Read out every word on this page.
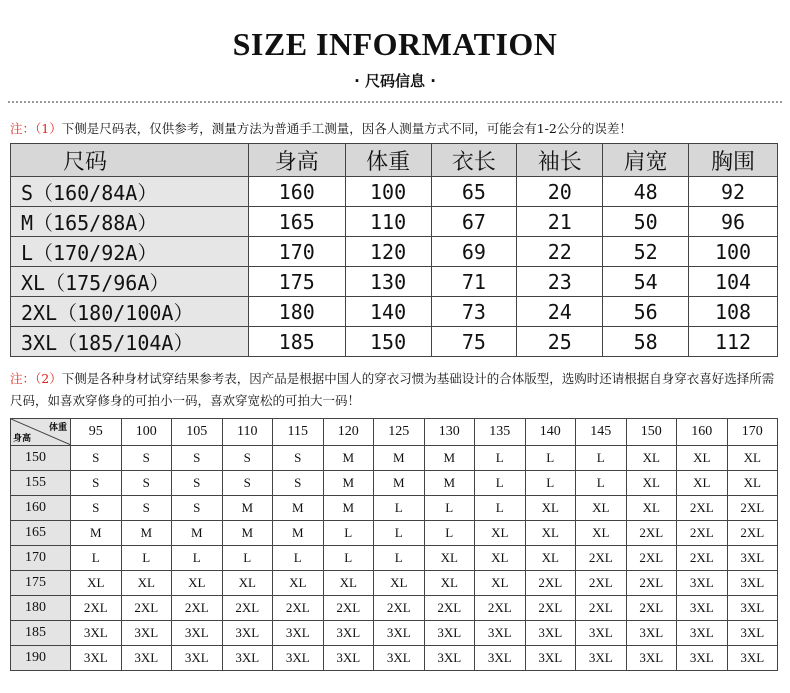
SIZE INFORMATION
· 尺码信息 ·
注：（1）下侧是尺码表，仅供参考，测量方法为普通手工测量，因各人测量方式不同，可能会有1-2公分的误差！
尺码	身高	体重	衣长	袖长	肩宽	胸围
S（160/84A）	160	100	65	20	48	92
M（165/88A）	165	110	67	21	50	96
L（170/92A）	170	120	69	22	52	100
XL（175/96A）	175	130	71	23	54	104
2XL（180/100A）	180	140	73	24	56	108
3XL（185/104A）	185	150	75	25	58	112
注：（2）下侧是各种身材试穿结果参考表，因产品是根据中国人的穿衣习惯为基础设计的合体版型，选购时还请根据自身穿衣喜好选择所需尺码，如喜欢穿修身的可拍小一码，喜欢穿宽松的可拍大一码！
体重
身高	95	100	105	110	115	120	125	130	135	140	145	150	160	170
150	S	S	S	S	S	M	M	M	L	L	L	XL	XL	XL
155	S	S	S	S	S	M	M	M	L	L	L	XL	XL	XL
160	S	S	S	M	M	M	L	L	L	XL	XL	XL	2XL	2XL
165	M	M	M	M	M	L	L	L	XL	XL	XL	2XL	2XL	2XL
170	L	L	L	L	L	L	L	XL	XL	XL	2XL	2XL	2XL	3XL
175	XL	XL	XL	XL	XL	XL	XL	XL	XL	2XL	2XL	2XL	3XL	3XL
180	2XL	2XL	2XL	2XL	2XL	2XL	2XL	2XL	2XL	2XL	2XL	2XL	3XL	3XL
185	3XL	3XL	3XL	3XL	3XL	3XL	3XL	3XL	3XL	3XL	3XL	3XL	3XL	3XL
190	3XL	3XL	3XL	3XL	3XL	3XL	3XL	3XL	3XL	3XL	3XL	3XL	3XL	3XL
